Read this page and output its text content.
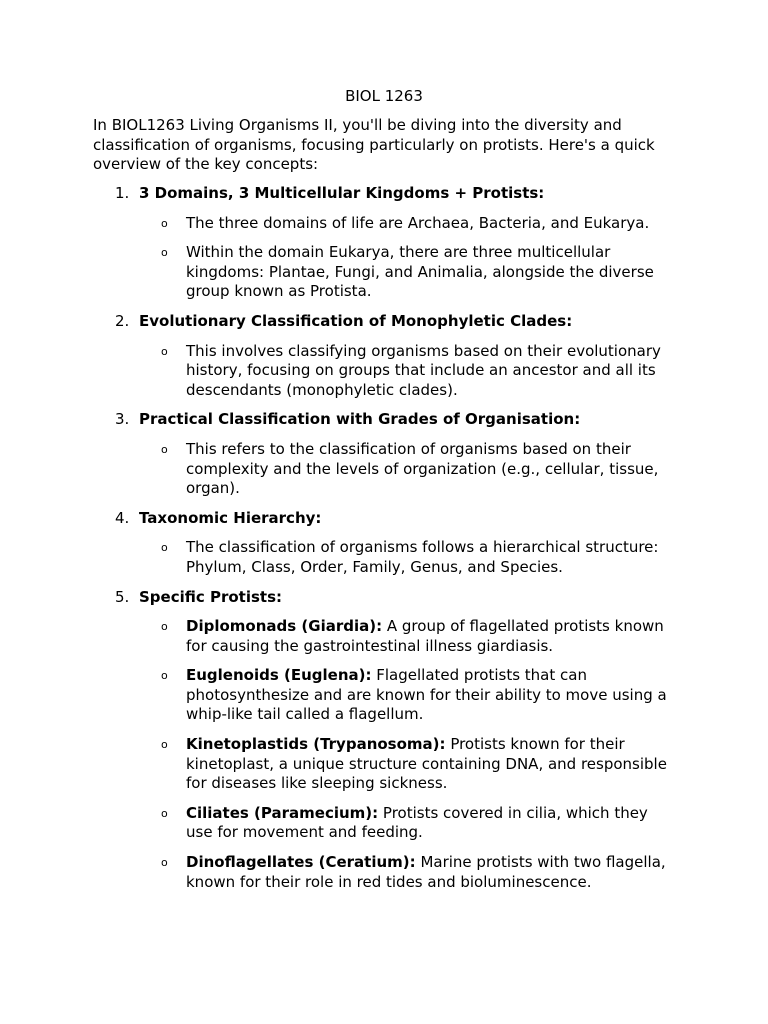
BIOL 1263

In BIOL1263 Living Organisms II, you'll be diving into the diversity and classification of organisms, focusing particularly on protists. Here's a quick overview of the key concepts:

1. 3 Domains, 3 Multicellular Kingdoms + Protists:
o The three domains of life are Archaea, Bacteria, and Eukarya.
o Within the domain Eukarya, there are three multicellular kingdoms: Plantae, Fungi, and Animalia, alongside the diverse group known as Protista.
2. Evolutionary Classification of Monophyletic Clades:
o This involves classifying organisms based on their evolutionary history, focusing on groups that include an ancestor and all its descendants (monophyletic clades).
3. Practical Classification with Grades of Organisation:
o This refers to the classification of organisms based on their complexity and the levels of organization (e.g., cellular, tissue, organ).
4. Taxonomic Hierarchy:
o The classification of organisms follows a hierarchical structure: Phylum, Class, Order, Family, Genus, and Species.
5. Specific Protists:
o Diplomonads (Giardia): A group of flagellated protists known for causing the gastrointestinal illness giardiasis.
o Euglenoids (Euglena): Flagellated protists that can photosynthesize and are known for their ability to move using a whip-like tail called a flagellum.
o Kinetoplastids (Trypanosoma): Protists known for their kinetoplast, a unique structure containing DNA, and responsible for diseases like sleeping sickness.
o Ciliates (Paramecium): Protists covered in cilia, which they use for movement and feeding.
o Dinoflagellates (Ceratium): Marine protists with two flagella, known for their role in red tides and bioluminescence.
